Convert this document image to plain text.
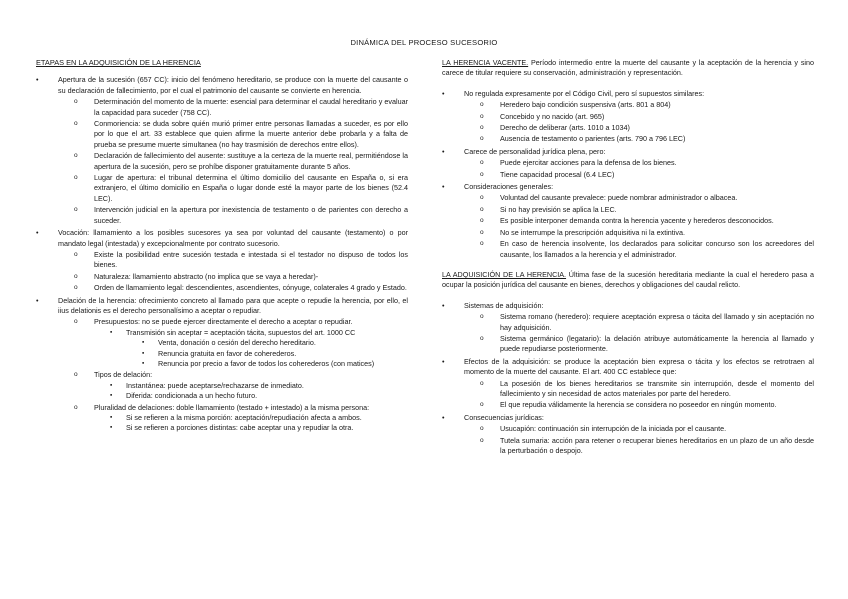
DINÁMICA DEL PROCESO SUCESORIO
ETAPAS EN LA ADQUISICIÓN DE LA HERENCIA
• Apertura de la sucesión (657 CC): inicio del fenómeno hereditario, se produce con la muerte del causante o su declaración de fallecimiento, por el cual el patrimonio del causante se convierte en herencia.
o Determinación del momento de la muerte: esencial para determinar el caudal hereditario y evaluar la capacidad para suceder (758 CC).
o Conmoriencia: se duda sobre quién murió primer entre personas llamadas a suceder, es por ello por lo que el art. 33 establece que quien afirme la muerte anterior debe probarla y a falta de prueba se presume muerte simultanea (no hay trasmisión de derechos entre ellos).
o Declaración de fallecimiento del ausente: sustituye a la certeza de la muerte real, permitiéndose la apertura de la sucesión, pero se prohíbe disponer gratuitamente durante 5 años.
o Lugar de apertura: el tribunal determina el último domicilio del causante en España o, si era extranjero, el último domicilio en España o lugar donde esté la mayor parte de los bienes (52.4 LEC).
o Intervención judicial en la apertura por inexistencia de testamento o de parientes con derecho a suceder.
• Vocación: llamamiento a los posibles sucesores ya sea por voluntad del causante (testamento) o por mandato legal (intestada) y excepcionalmente por contrato sucesorio.
o Existe la posibilidad entre sucesión testada e intestada si el testador no dispuso de todos los bienes.
o Naturaleza: llamamiento abstracto (no implica que se vaya a heredar)-
o Orden de llamamiento legal: descendientes, ascendientes, cónyuge, colaterales 4 grado y Estado.
• Delación de la herencia: ofrecimiento concreto al llamado para que acepte o repudie la herencia, por ello, el iius delationis es el derecho personalísimo a aceptar o repudiar.
o Presupuestos: no se puede ejercer directamente el derecho a aceptar o repudiar.
▪ Transmisión sin aceptar = aceptación tácita, supuestos del art. 1000 CC
▪ Venta, donación o cesión del derecho hereditario.
▪ Renuncia gratuita en favor de coherederos.
▪ Renuncia por precio a favor de todos los coherederos (con matices)
o Tipos de delación:
▪ Instantánea: puede aceptarse/rechazarse de inmediato.
▪ Diferida: condicionada a un hecho futuro.
o Pluralidad de delaciones: doble llamamiento (testado + intestado) a la misma persona:
▪ Si se refieren a la misma porción: aceptación/repudiación afecta a ambos.
▪ Si se refieren a porciones distintas: cabe aceptar una y repudiar la otra.
LA HERENCIA VACENTE. Período intermedio entre la muerte del causante y la aceptación de la herencia y sino carece de titular requiere su conservación, administración y representación.
• No regulada expresamente por el Código Civil, pero sí supuestos similares:
o Heredero bajo condición suspensiva (arts. 801 a 804)
o Concebido y no nacido (art. 965)
o Derecho de deliberar (arts. 1010 a 1034)
o Ausencia de testamento o parientes (arts. 790 a 796 LEC)
• Carece de personalidad jurídica plena, pero:
o Puede ejercitar acciones para la defensa de los bienes.
o Tiene capacidad procesal (6.4 LEC)
• Consideraciones generales:
o Voluntad del causante prevalece: puede nombrar administrador o albacea.
o Si no hay previsión se aplica la LEC.
o Es posible interponer demanda contra la herencia yacente y herederos desconocidos.
o No se interrumpe la prescripción adquisitiva ni la extintiva.
o En caso de herencia insolvente, los declarados para solicitar concurso son los acreedores del causante, los llamados a la herencia y el administrador.
LA ADQUISICIÓN DE LA HERENCIA. Última fase de la sucesión hereditaria mediante la cual el heredero pasa a ocupar la posición jurídica del causante en bienes, derechos y obligaciones del caudal relicto.
• Sistemas de adquisición:
o Sistema romano (heredero): requiere aceptación expresa o tácita del llamado y sin aceptación no hay adquisición.
o Sistema germánico (legatario): la delación atribuye automáticamente la herencia al llamado y puede repudiarse posteriormente.
• Efectos de la adquisición: se produce la aceptación bien expresa o tácita y los efectos se retrotraen al momento de la muerte del causante. El art. 400 CC establece que:
o La posesión de los bienes hereditarios se transmite sin interrupción, desde el momento del fallecimiento y sin necesidad de actos materiales por parte del heredero.
o El que repudia válidamente la herencia se considera no poseedor en ningún momento.
• Consecuencias jurídicas:
o Usucapión: continuación sin interrupción de la iniciada por el causante.
o Tutela sumaria: acción para retener o recuperar bienes hereditarios en un plazo de un año desde la perturbación o despojo.
